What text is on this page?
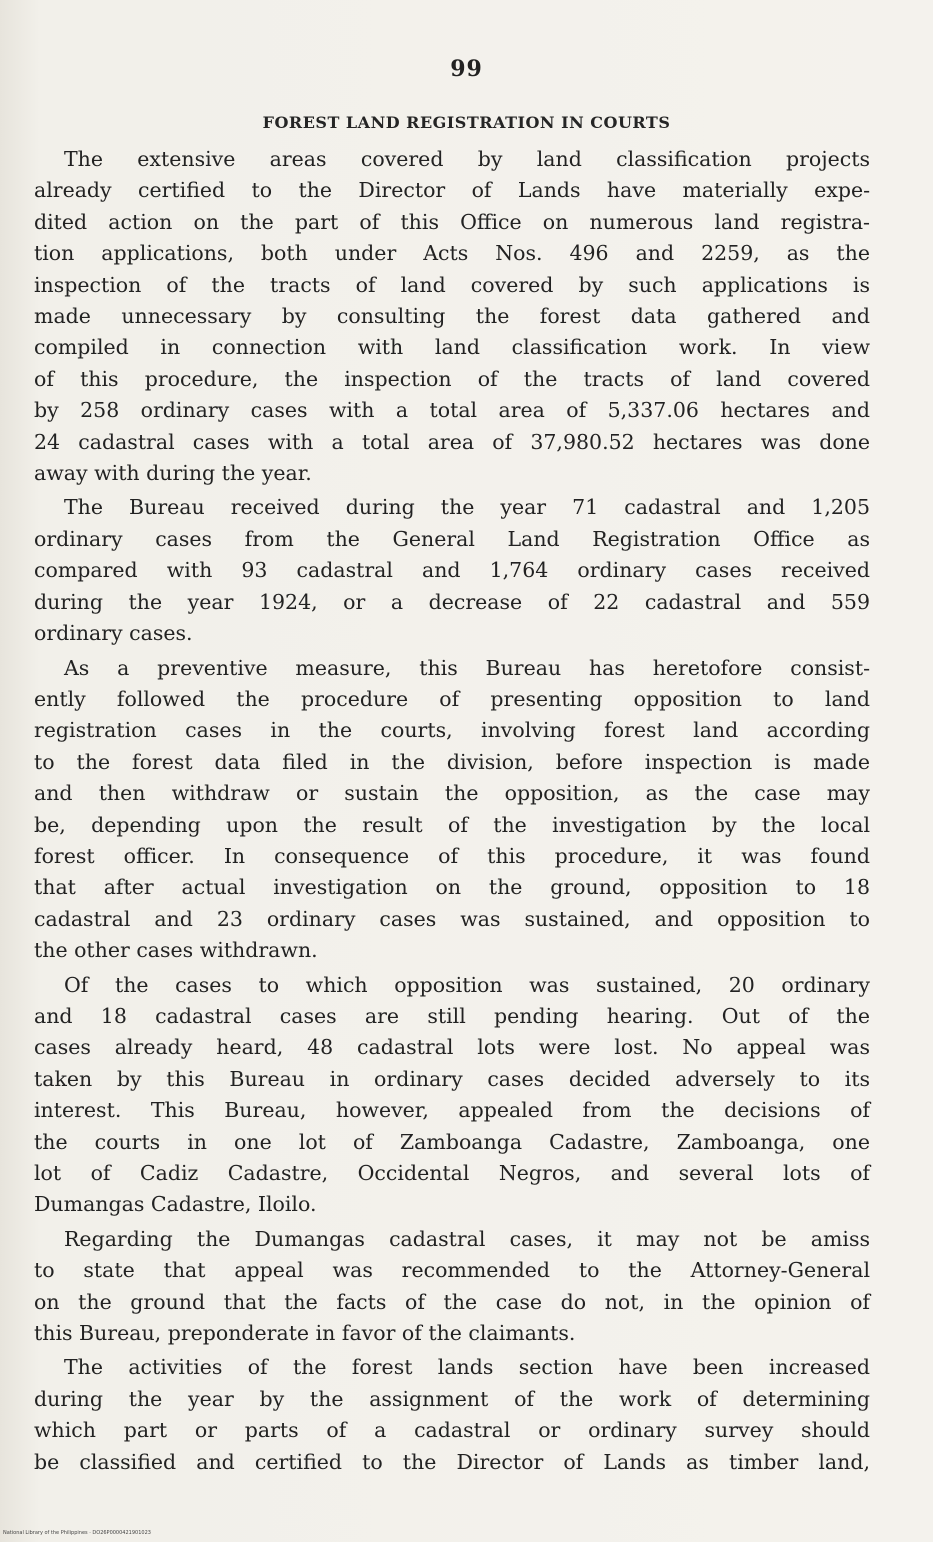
99
FOREST LAND REGISTRATION IN COURTS
The extensive areas covered by land classification projects
already certified to the Director of Lands have materially expe-
dited action on the part of this Office on numerous land registra-
tion applications, both under Acts Nos. 496 and 2259, as the
inspection of the tracts of land covered by such applications is
made unnecessary by consulting the forest data gathered and
compiled in connection with land classification work. In view
of this procedure, the inspection of the tracts of land covered
by 258 ordinary cases with a total area of 5,337.06 hectares and
24 cadastral cases with a total area of 37,980.52 hectares was done
away with during the year.
The Bureau received during the year 71 cadastral and 1,205
ordinary cases from the General Land Registration Office as
compared with 93 cadastral and 1,764 ordinary cases received
during the year 1924, or a decrease of 22 cadastral and 559
ordinary cases.
As a preventive measure, this Bureau has heretofore consist-
ently followed the procedure of presenting opposition to land
registration cases in the courts, involving forest land according
to the forest data filed in the division, before inspection is made
and then withdraw or sustain the opposition, as the case may
be, depending upon the result of the investigation by the local
forest officer. In consequence of this procedure, it was found
that after actual investigation on the ground, opposition to 18
cadastral and 23 ordinary cases was sustained, and opposition to
the other cases withdrawn.
Of the cases to which opposition was sustained, 20 ordinary
and 18 cadastral cases are still pending hearing. Out of the
cases already heard, 48 cadastral lots were lost. No appeal was
taken by this Bureau in ordinary cases decided adversely to its
interest. This Bureau, however, appealed from the decisions of
the courts in one lot of Zamboanga Cadastre, Zamboanga, one
lot of Cadiz Cadastre, Occidental Negros, and several lots of
Dumangas Cadastre, Iloilo.
Regarding the Dumangas cadastral cases, it may not be amiss
to state that appeal was recommended to the Attorney-General
on the ground that the facts of the case do not, in the opinion of
this Bureau, preponderate in favor of the claimants.
The activities of the forest lands section have been increased
during the year by the assignment of the work of determining
which part or parts of a cadastral or ordinary survey should
be classified and certified to the Director of Lands as timber land,
National Library of the Philippines · DO26P0000421901023
